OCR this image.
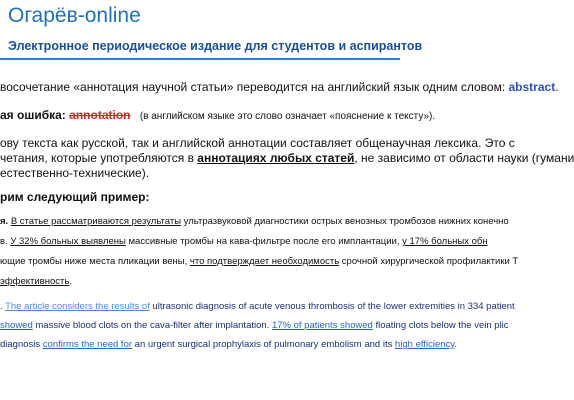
Огарёв-online
Электронное периодическое издание для студентов и аспирантов
восочетание «аннотация научной статьи» переводится на английский язык одним словом: abstract.
ая ошибка: annotation (в английском языке это слово означает «пояснение к тексту»).
ову текста как русской, так и английской аннотации составляет общенаучная лексика. Это с
четания, которые употребляются в аннотациях любых статей, не зависимо от области науки (гумани
естественно-технические).
рим следующий пример:
я. В статье рассматриваются результаты ультразвуковой диагностики острых венозных тромбозов нижних конечно
в. У 32% больных выявлены массивные тромбы на кава-фильтре после его имплантации, у 17% больных обн
ющие тромбы ниже места пликации вены, что подтверждает необходимость срочной хирургической профилактики Т
эффективность.
. The article considers the results of ultrasonic diagnosis of acute venous thrombosis of the lower extremities in 334 patient
showed massive blood clots on the cava-filter after implantation. 17% of patients showed floating clots below the vein plic
diagnosis confirms the need for an urgent surgical prophylaxis of pulmonary embolism and its high efficiency.
